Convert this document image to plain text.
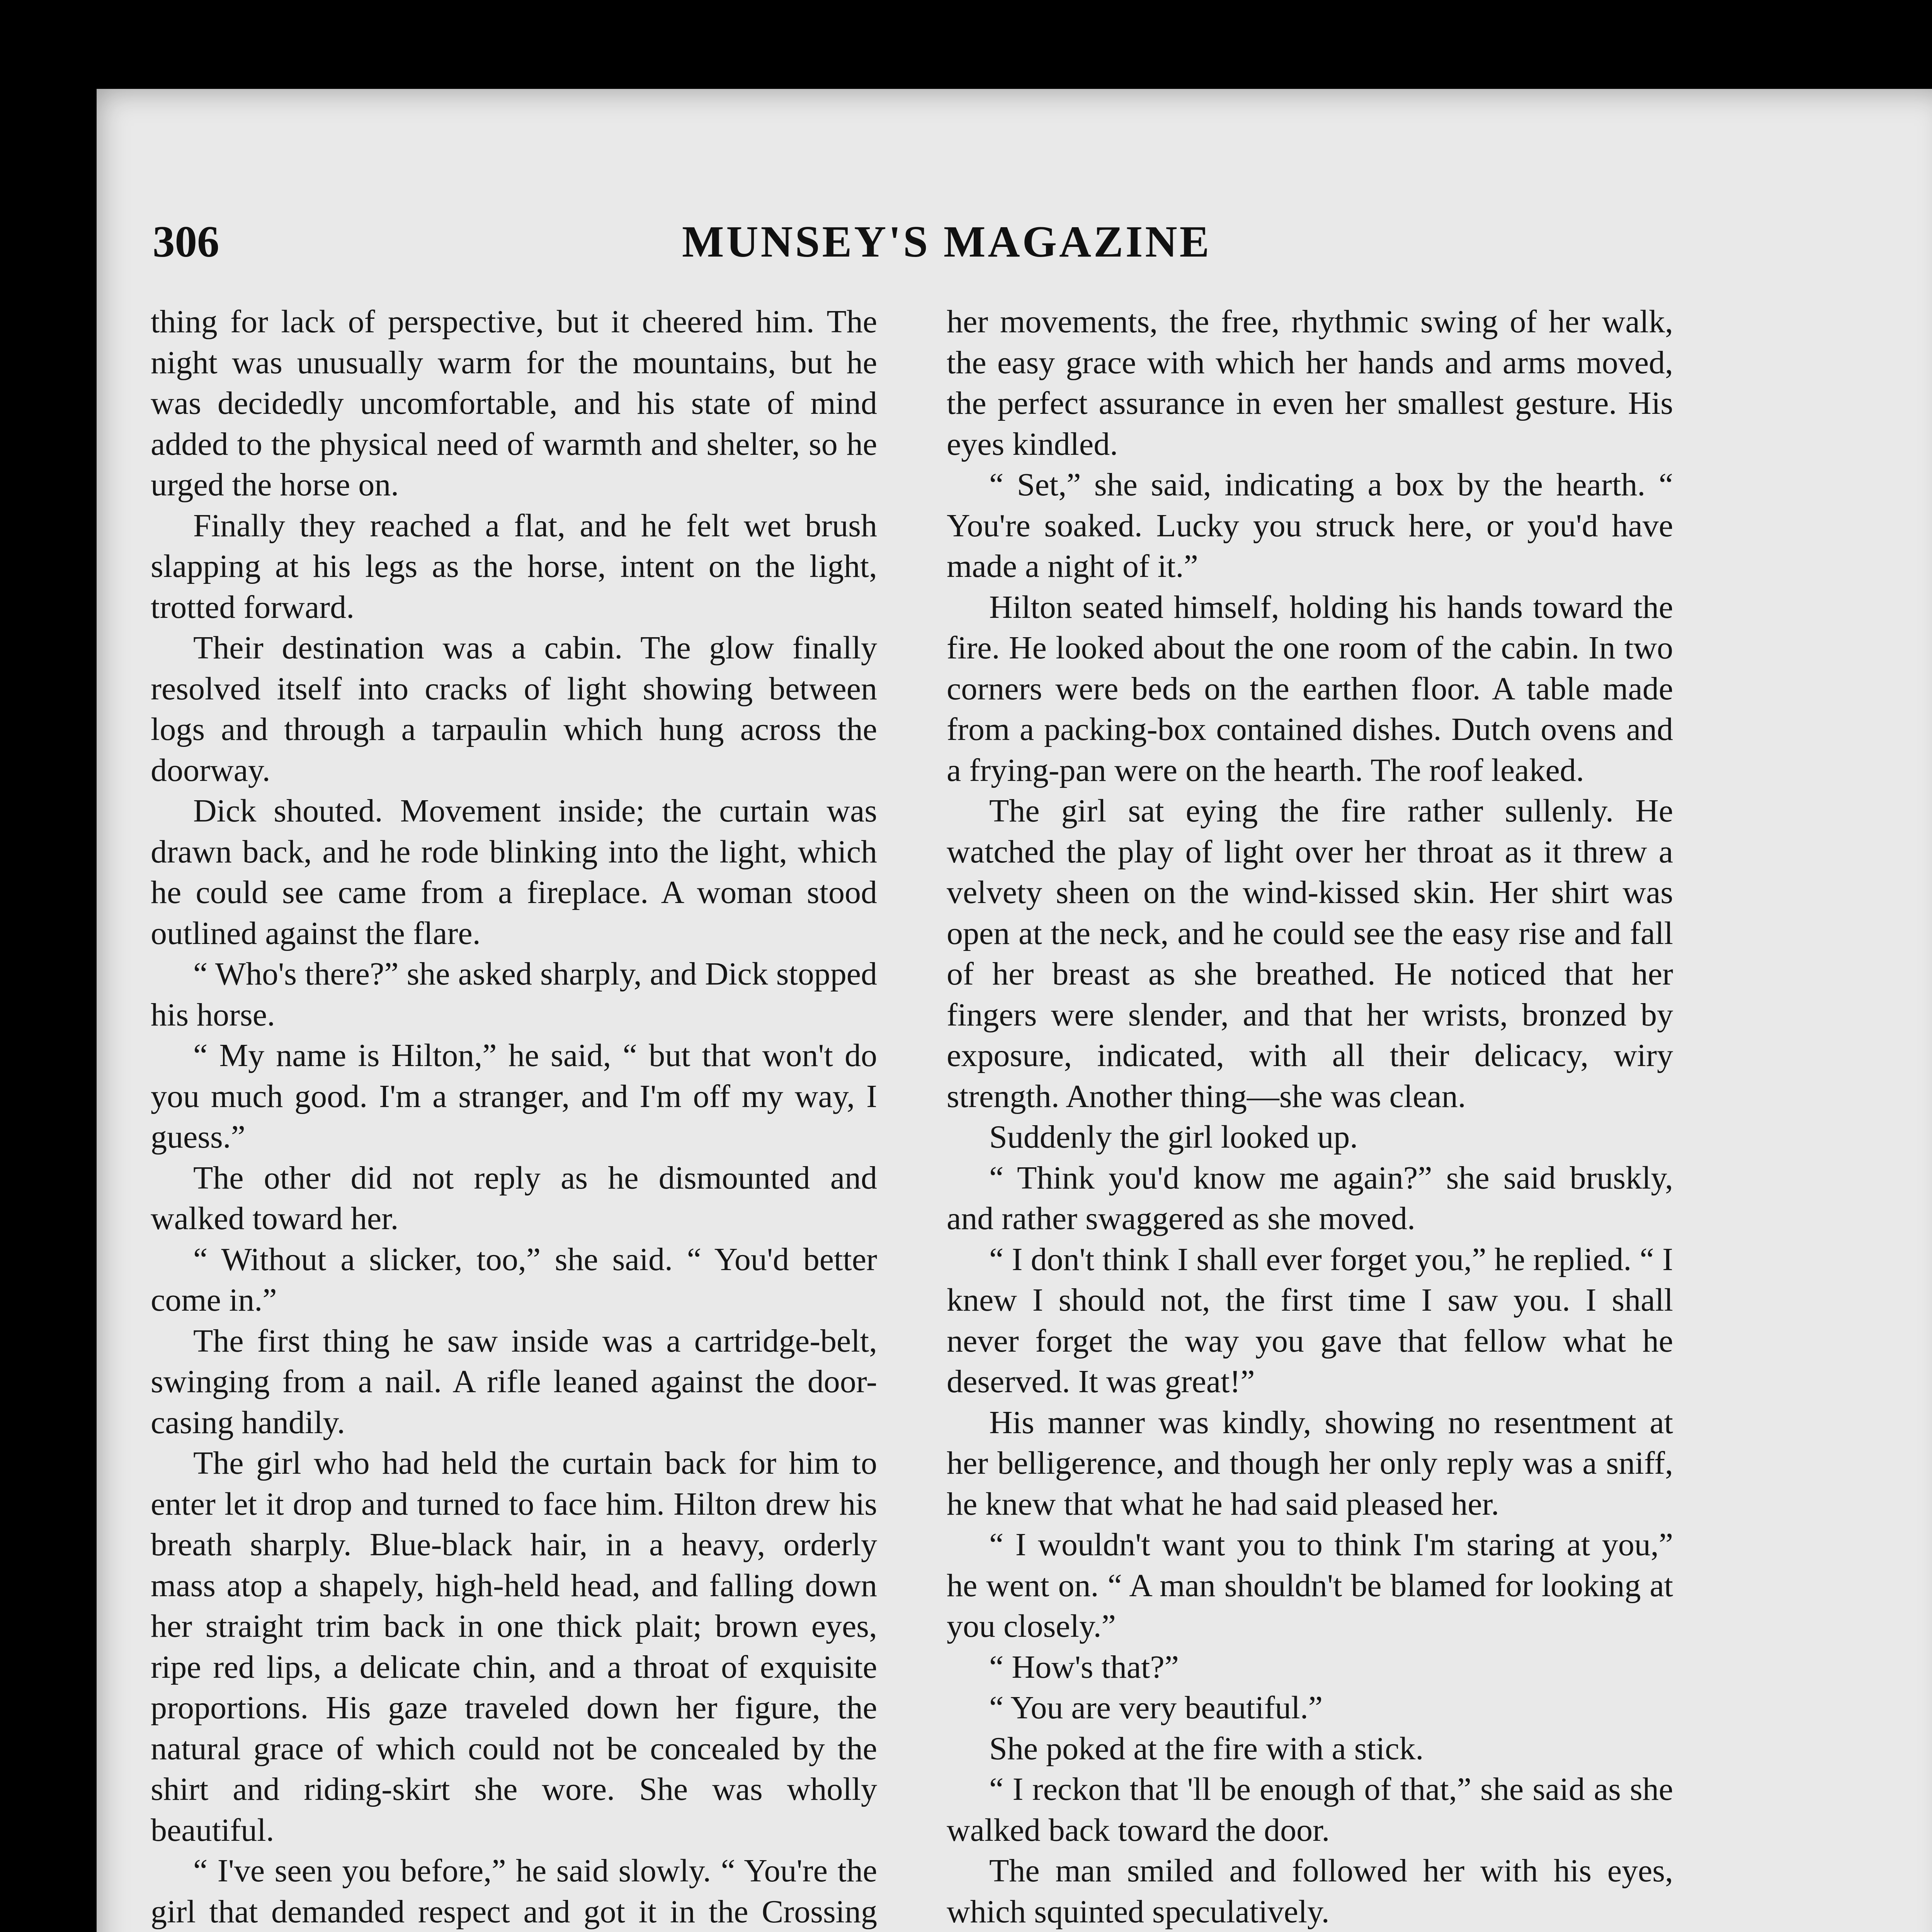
306	MUNSEY'S MAGAZINE

thing for lack of perspective, but it cheered him. The night was unusually warm for the mountains, but he was decidedly uncomfortable, and his state of mind added to the physical need of warmth and shelter, so he urged the horse on.

Finally they reached a flat, and he felt wet brush slapping at his legs as the horse, intent on the light, trotted forward.

Their destination was a cabin. The glow finally resolved itself into cracks of light showing between logs and through a tarpaulin which hung across the doorway.

Dick shouted. Movement inside; the curtain was drawn back, and he rode blinking into the light, which he could see came from a fireplace. A woman stood outlined against the flare.

“ Who's there?” she asked sharply, and Dick stopped his horse.

“ My name is Hilton,” he said, “ but that won't do you much good. I'm a stranger, and I'm off my way, I guess.”

The other did not reply as he dismounted and walked toward her.

“ Without a slicker, too,” she said. “ You'd better come in.”

The first thing he saw inside was a cartridge-belt, swinging from a nail. A rifle leaned against the door-casing handily.

The girl who had held the curtain back for him to enter let it drop and turned to face him. Hilton drew his breath sharply. Blue-black hair, in a heavy, orderly mass atop a shapely, high-held head, and falling down her straight trim back in one thick plait; brown eyes, ripe red lips, a delicate chin, and a throat of exquisite proportions. His gaze traveled down her figure, the natural grace of which could not be concealed by the shirt and riding-skirt she wore. She was wholly beautiful.

“ I've seen you before,” he said slowly. “ You're the girl that demanded respect and got it in the Crossing

her movements, the free, rhythmic swing of her walk, the easy grace with which her hands and arms moved, the perfect assurance in even her smallest gesture. His eyes kindled.

“ Set,” she said, indicating a box by the hearth. “ You're soaked. Lucky you struck here, or you'd have made a night of it.”

Hilton seated himself, holding his hands toward the fire. He looked about the one room of the cabin. In two corners were beds on the earthen floor. A table made from a packing-box contained dishes. Dutch ovens and a frying-pan were on the hearth. The roof leaked.

The girl sat eying the fire rather sullenly. He watched the play of light over her throat as it threw a velvety sheen on the wind-kissed skin. Her shirt was open at the neck, and he could see the easy rise and fall of her breast as she breathed. He noticed that her fingers were slender, and that her wrists, bronzed by exposure, indicated, with all their delicacy, wiry strength. Another thing—she was clean.

Suddenly the girl looked up.

“ Think you'd know me again?” she said bruskly, and rather swaggered as she moved.

“ I don't think I shall ever forget you,” he replied. “ I knew I should not, the first time I saw you. I shall never forget the way you gave that fellow what he deserved. It was great!”

His manner was kindly, showing no resentment at her belligerence, and though her only reply was a sniff, he knew that what he had said pleased her.

“ I wouldn't want you to think I'm staring at you,” he went on. “ A man shouldn't be blamed for looking at you closely.”

“ How's that?”

“ You are very beautiful.”

She poked at the fire with a stick.

“ I reckon that 'll be enough of that,” she said as she walked back toward the door.

The man smiled and followed her with his eyes, which squinted speculatively.
